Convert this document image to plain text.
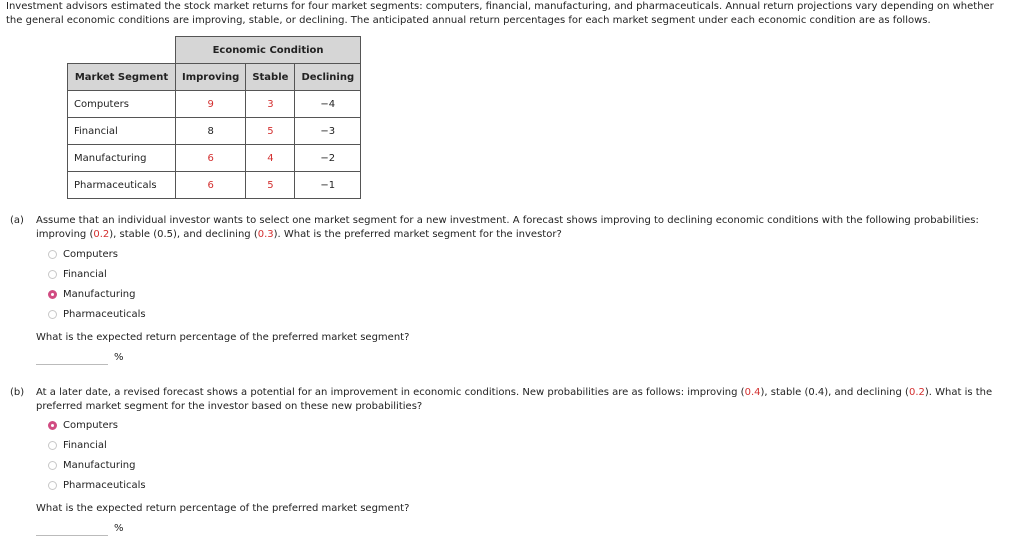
Investment advisors estimated the stock market returns for four market segments: computers, financial, manufacturing, and pharmaceuticals. Annual return projections vary depending on whether the general economic conditions are improving, stable, or declining. The anticipated annual return percentages for each market segment under each economic condition are as follows.
	Economic Condition		
Market Segment	Improving	Stable	Declining
Computers	9	3	−4
Financial	8	5	−3
Manufacturing	6	4	−2
Pharmaceuticals	6	5	−1
(a) Assume that an individual investor wants to select one market segment for a new investment. A forecast shows improving to declining economic conditions with the following probabilities:
improving (0.2), stable (0.5), and declining (0.3). What is the preferred market segment for the investor?
Computers
Financial
Manufacturing
Pharmaceuticals
What is the expected return percentage of the preferred market segment?
%
(b) At a later date, a revised forecast shows a potential for an improvement in economic conditions. New probabilities are as follows: improving (0.4), stable (0.4), and declining (0.2). What is the
preferred market segment for the investor based on these new probabilities?
Computers
Financial
Manufacturing
Pharmaceuticals
What is the expected return percentage of the preferred market segment?
%
